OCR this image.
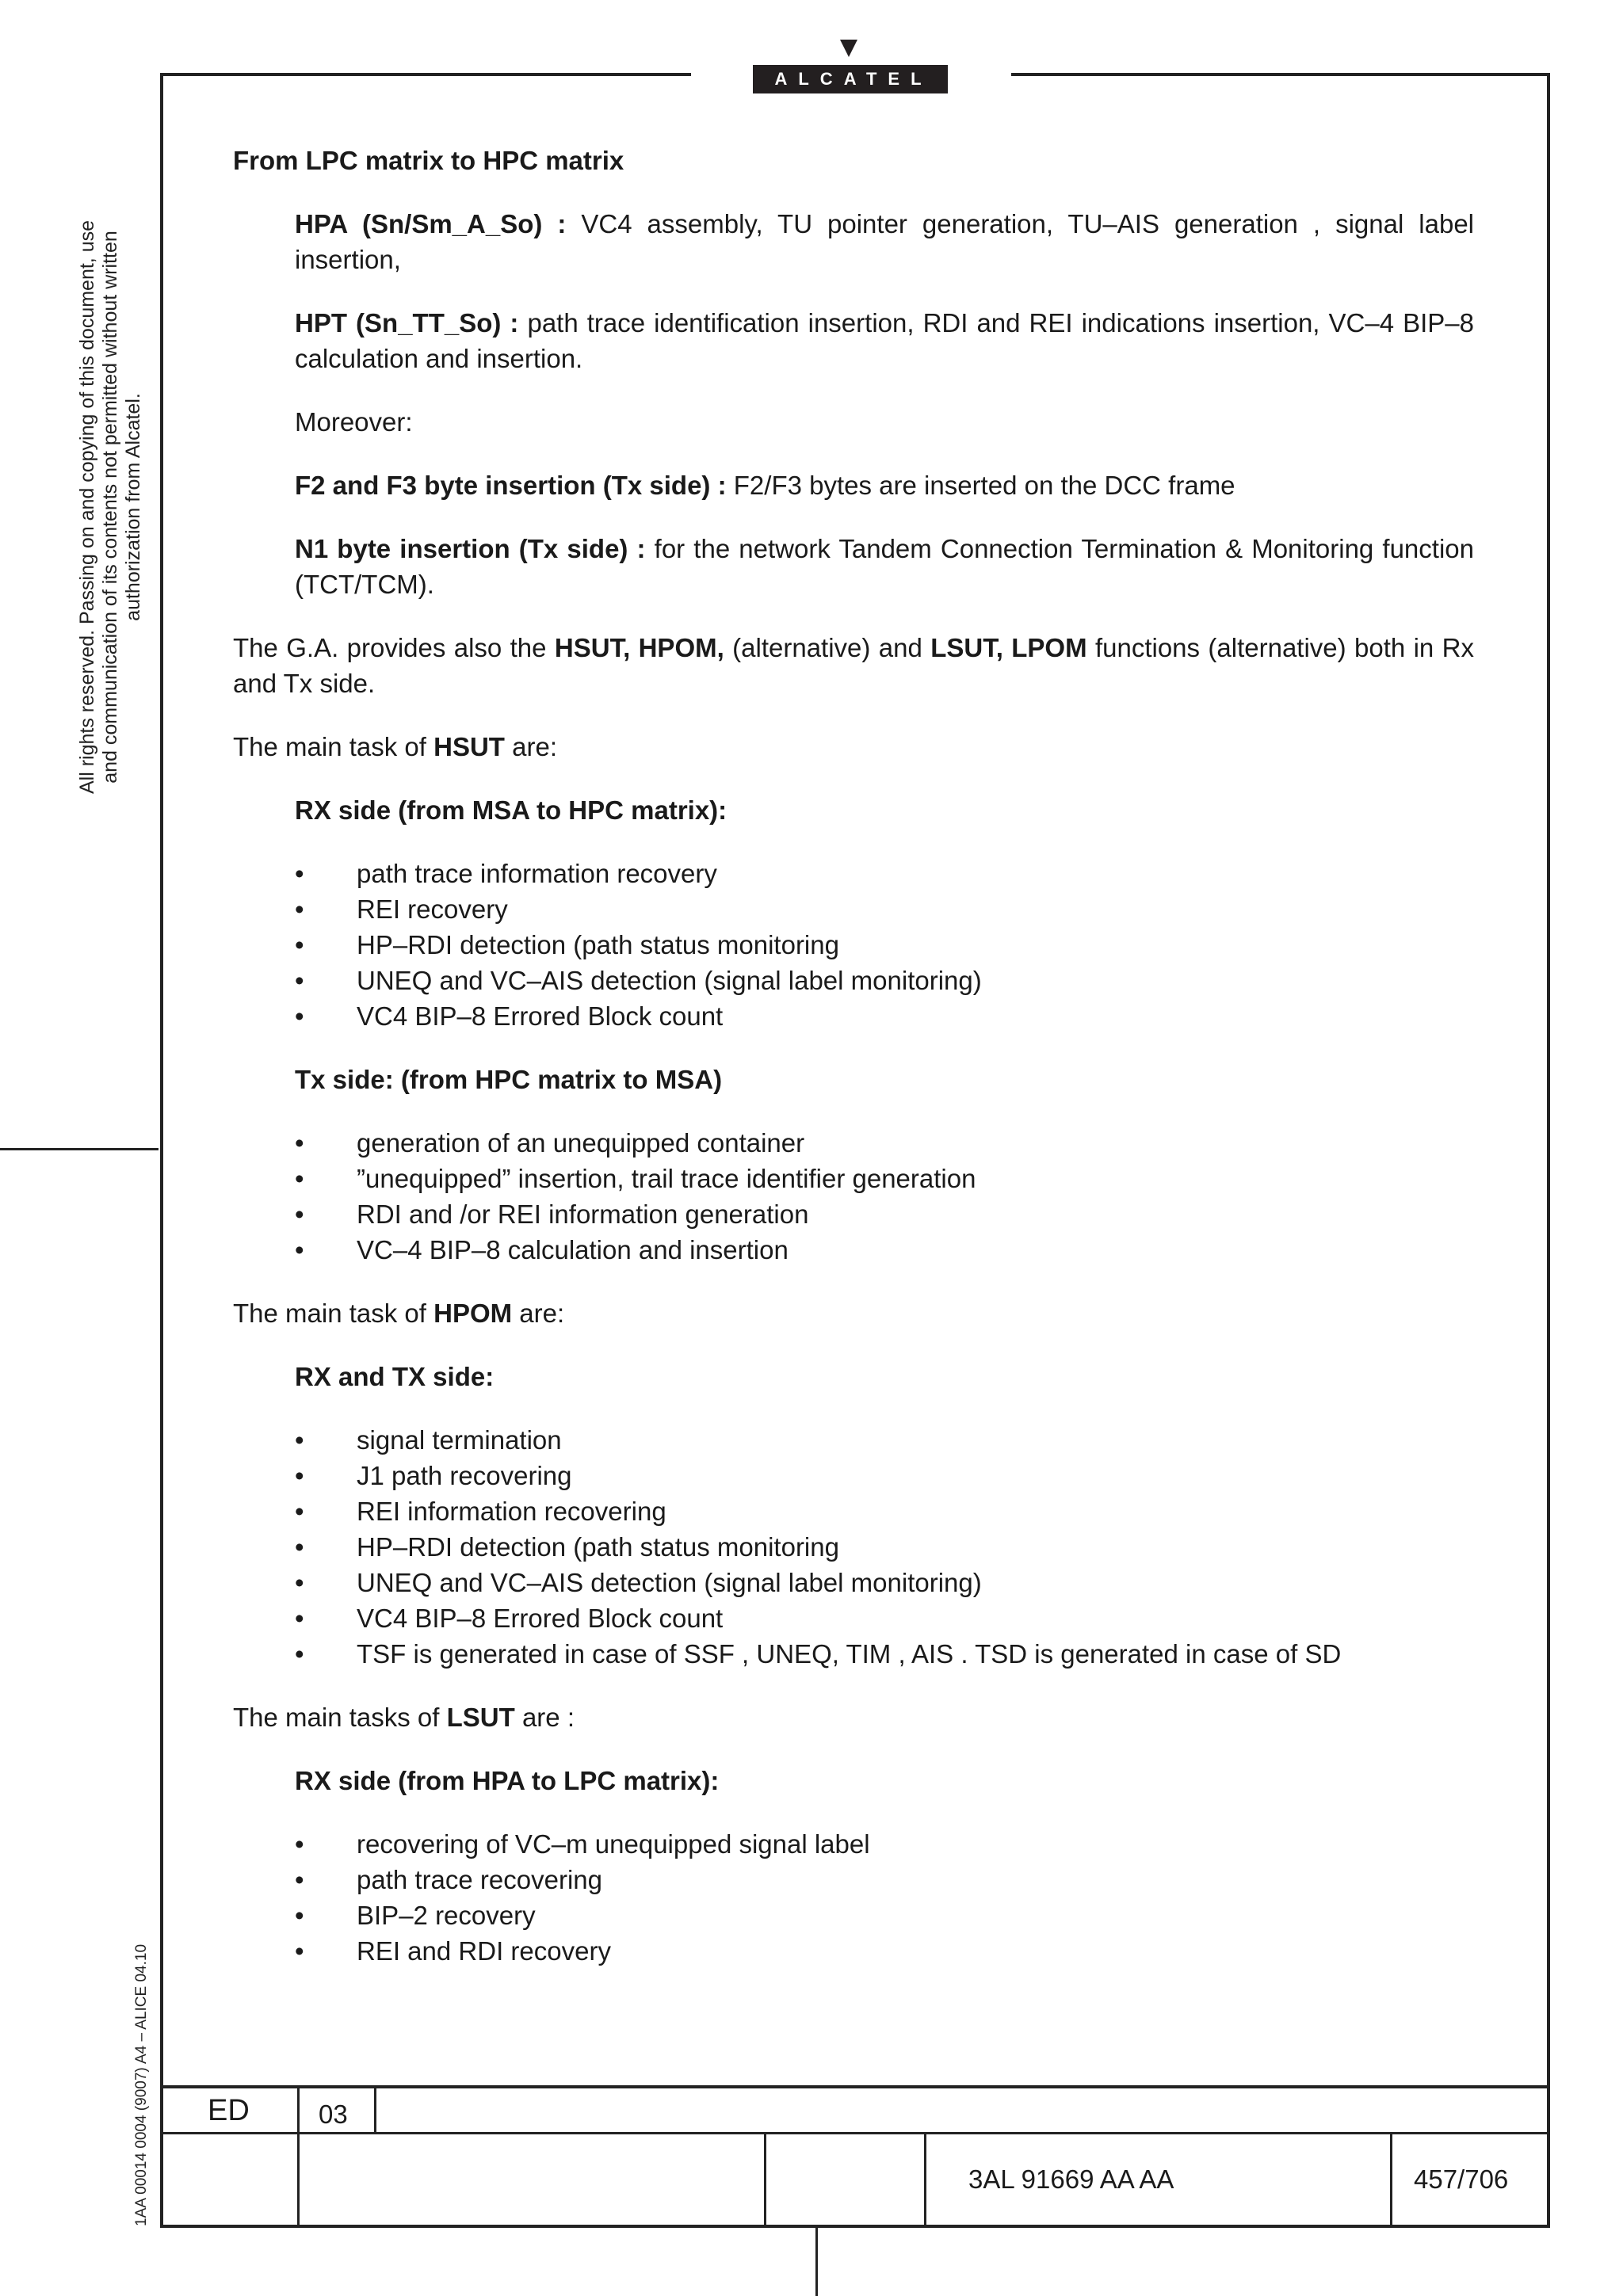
ALCATEL
All rights reserved. Passing on and copying of this document, use and communication of its contents not permitted without written authorization from Alcatel.
1AA 00014 0004 (9007) A4 – ALICE 04.10

From LPC matrix to HPC matrix

HPA (Sn/Sm_A_So) : VC4 assembly, TU pointer generation, TU–AIS generation , signal label insertion,

HPT (Sn_TT_So) : path trace identification insertion, RDI and REI indications insertion, VC–4 BIP–8 calculation and insertion.

Moreover:

F2 and F3 byte insertion (Tx side) : F2/F3 bytes are inserted on the DCC frame

N1 byte insertion (Tx side) : for the network Tandem Connection Termination & Monitoring function (TCT/TCM).

The G.A. provides also the HSUT, HPOM, (alternative) and LSUT, LPOM functions (alternative) both in Rx and Tx side.

The main task of HSUT are:

RX side (from MSA to HPC matrix):

• path trace information recovery
• REI recovery
• HP–RDI detection (path status monitoring
• UNEQ and VC–AIS detection (signal label monitoring)
• VC4 BIP–8 Errored Block count

Tx side: (from HPC matrix to MSA)

• generation of an unequipped container
• ”unequipped” insertion, trail trace identifier generation
• RDI and /or REI information generation
• VC–4 BIP–8 calculation and insertion

The main task of HPOM are:

RX and TX side:

• signal termination
• J1 path recovering
• REI information recovering
• HP–RDI detection (path status monitoring
• UNEQ and VC–AIS detection (signal label monitoring)
• VC4 BIP–8 Errored Block count
• TSF is generated in case of SSF , UNEQ, TIM , AIS . TSD is generated in case of SD

The main tasks of LSUT are :

RX side (from HPA to LPC matrix):

• recovering of VC–m unequipped signal label
• path trace recovering
• BIP–2 recovery
• REI and RDI recovery
ED	03
3AL 91669 AA AA	457/706
